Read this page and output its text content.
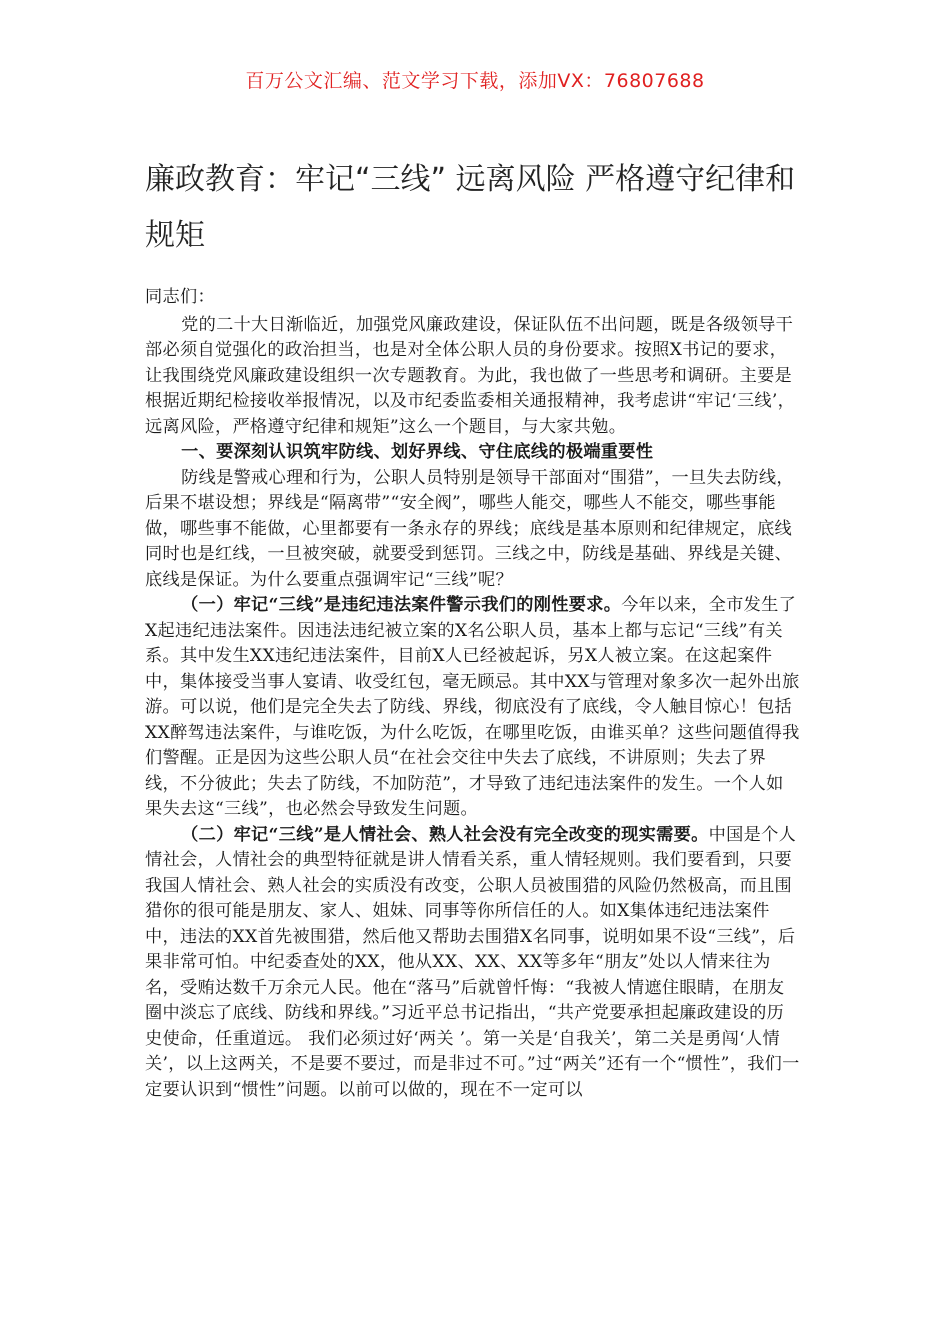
百万公文汇编、范文学习下载，添加VX：76807688
廉政教育：牢记“三线” 远离风险 严格遵守纪律和规矩

同志们：

党的二十大日渐临近，加强党风廉政建设，保证队伍不出问题，既是各级领导干部必须自觉强化的政治担当，也是对全体公职人员的身份要求。按照X书记的要求，让我围绕党风廉政建设组织一次专题教育。为此，我也做了一些思考和调研。主要是根据近期纪检接收举报情况，以及市纪委监委相关通报精神，我考虑讲“牢记‘三线’，远离风险，严格遵守纪律和规矩”这么一个题目，与大家共勉。

一、要深刻认识筑牢防线、划好界线、守住底线的极端重要性

防线是警戒心理和行为，公职人员特别是领导干部面对“围猎”，一旦失去防线，后果不堪设想；界线是“隔离带”“安全阀”，哪些人能交，哪些人不能交，哪些事能做，哪些事不能做，心里都要有一条永存的界线；底线是基本原则和纪律规定，底线同时也是红线，一旦被突破，就要受到惩罚。三线之中，防线是基础、界线是关键、底线是保证。为什么要重点强调牢记“三线”呢？

（一）牢记“三线”是违纪违法案件警示我们的刚性要求。今年以来，全市发生了X起违纪违法案件。因违法违纪被立案的X名公职人员，基本上都与忘记“三线”有关系。其中发生XX违纪违法案件，目前X人已经被起诉，另X人被立案。在这起案件中，集体接受当事人宴请、收受红包，毫无顾忌。其中XX与管理对象多次一起外出旅游。可以说，他们是完全失去了防线、界线，彻底没有了底线，令人触目惊心！包括XX醉驾违法案件，与谁吃饭，为什么吃饭，在哪里吃饭，由谁买单？这些问题值得我们警醒。正是因为这些公职人员“在社会交往中失去了底线，不讲原则；失去了界线，不分彼此；失去了防线，不加防范”，才导致了违纪违法案件的发生。一个人如果失去这“三线”，也必然会导致发生问题。

（二）牢记“三线”是人情社会、熟人社会没有完全改变的现实需要。中国是个人情社会，人情社会的典型特征就是讲人情看关系，重人情轻规则。我们要看到，只要我国人情社会、熟人社会的实质没有改变，公职人员被围猎的风险仍然极高，而且围猎你的很可能是朋友、家人、姐妹、同事等你所信任的人。如X集体违纪违法案件中，违法的XX首先被围猎，然后他又帮助去围猎X名同事，说明如果不设“三线”，后果非常可怕。中纪委查处的XX，他从XX、XX、XX等多年“朋友”处以人情来往为名，受贿达数千万余元人民。他在“落马”后就曾忏悔：“我被人情遮住眼睛，在朋友圈中淡忘了底线、防线和界线。”习近平总书记指出，“共产党要承担起廉政建设的历史使命，任重道远。 我们必须过好‘两关 ’。第一关是‘自我关’，第二关是勇闯‘人情关’，以上这两关，不是要不要过，而是非过不可。”过“两关”还有一个“惯性”，我们一定要认识到“惯性”问题。以前可以做的，现在不一定可以
